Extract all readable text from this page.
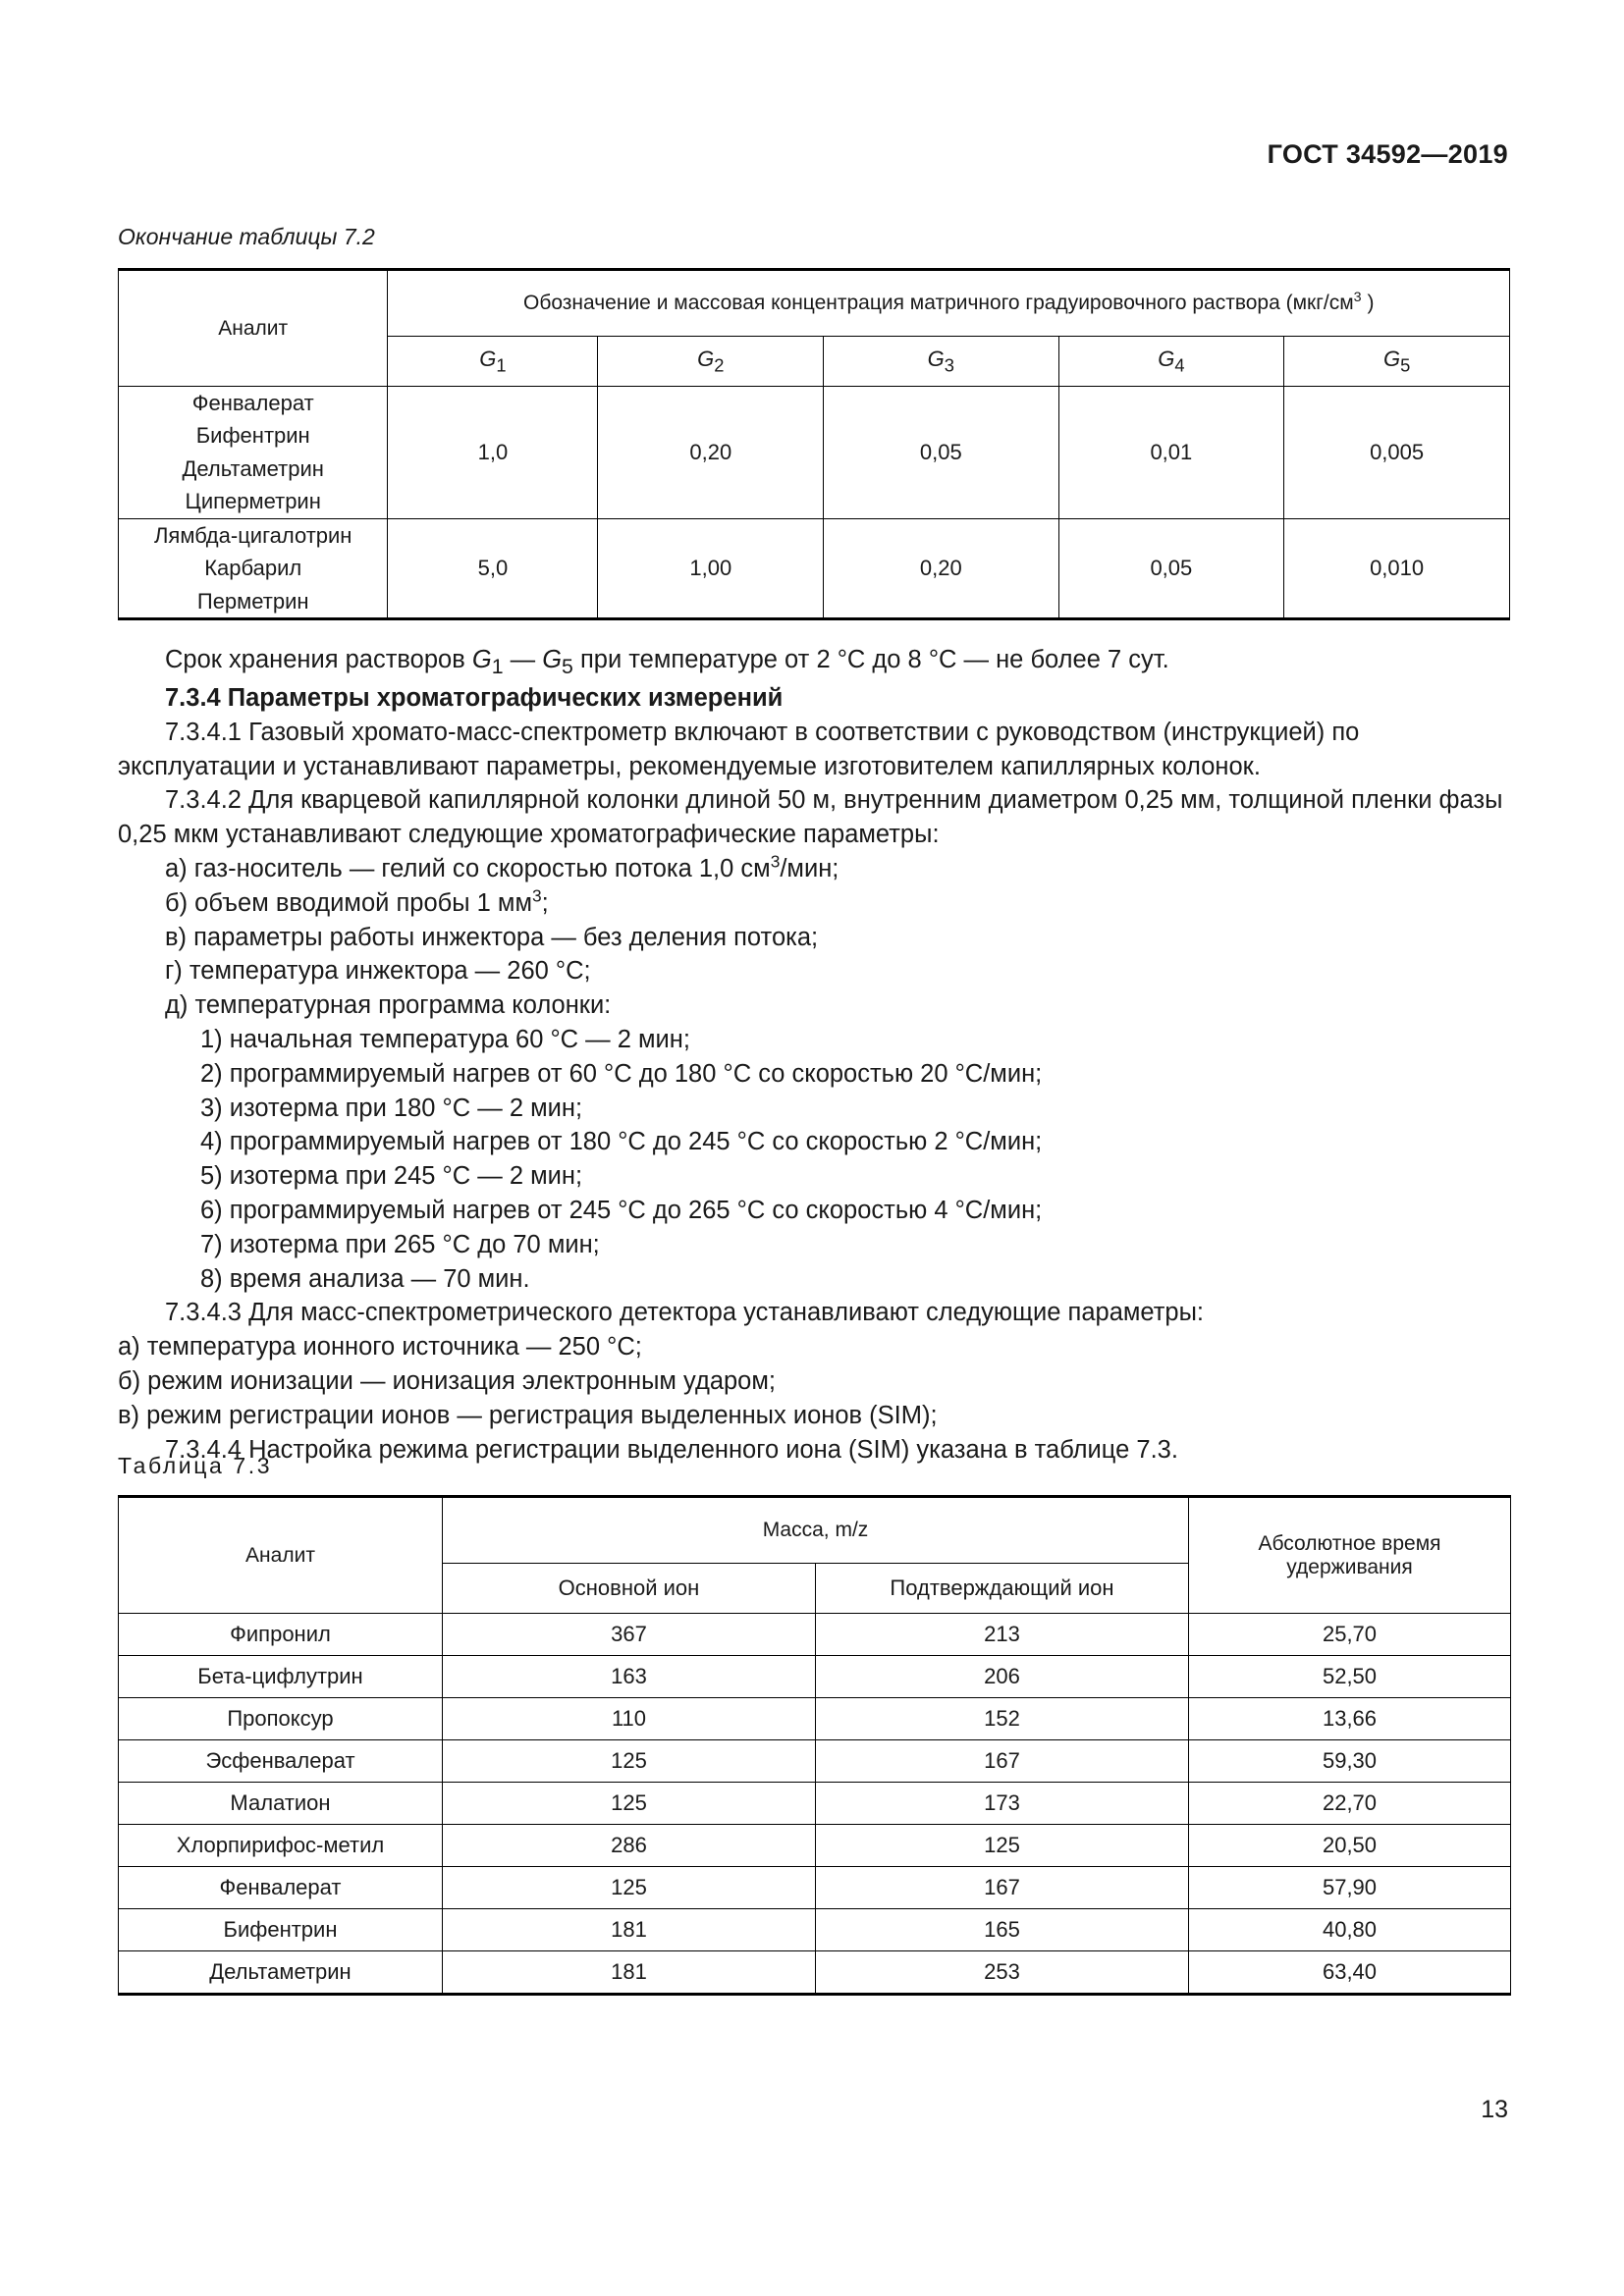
ГОСТ 34592—2019
Окончание таблицы 7.2
Аналит	Обозначение и массовая концентрация матричного градуировочного раствора ($мкг/см^3$ )				
	$G_1$	$G_2$	$G_3$	$G_4$	$G_5$

Фенвалерат
Бифентрин
Дельтаметрин Циперметрин	1,0	0,20	0,05	0,01	0,005

Лямбда-цигалотрин
Карбарил
Перметрин	5,0	1,00	0,20	0,05	0,010

Срок хранения растворов $G_1$ — $G_5$ при температуре от 2 °С до 8 °С — не более 7 сут.

7.3.4 Параметры хроматографических измерений

7.3.4.1 Газовый хромато-масс-спектрометр включают в соответствии с руководством (инструкцией) по эксплуатации и устанавливают параметры, рекомендуемые изготовителем капиллярных колонок.

7.3.4.2 Для кварцевой капиллярной колонки длиной 50 м, внутренним диаметром 0,25 мм, толщиной пленки фазы 0,25 мкм устанавливают следующие хроматографические параметры:

а) газ-носитель — гелий со скоростью потока 1,0 $см^3$/мин;

б) объем вводимой пробы 1 $мм^3$;

в) параметры работы инжектора — без деления потока;

г) температура инжектора — 260 °С;

д) температурная программа колонки:

1) начальная температура 60 °С — 2 мин;

2) программируемый нагрев от 60 °С до 180 °С со скоростью 20 °С/мин;

3) изотерма при 180 °С — 2 мин;

4) программируемый нагрев от 180 °С до 245 °С со скоростью 2 °С/мин;

5) изотерма при 245 °С — 2 мин;

6) программируемый нагрев от 245 °С до 265 °С со скоростью 4 °С/мин;

7) изотерма при 265 °С до 70 мин;

8) время анализа — 70 мин.

7.3.4.3 Для масс-спектрометрического детектора устанавливают следующие параметры:

а) температура ионного источника — 250 °С;

б) режим ионизации — ионизация электронным ударом;

в) режим регистрации ионов — регистрация выделенных ионов (SIM);

7.3.4.4 Настройка режима регистрации выделенного иона (SIM) указана в таблице 7.3.

Таблица 7.3
Аналит	Масса, m/z		Абсолютное время
удерживания

	Основной ион	Подтверждающий ион	
Фипронил	367	213	25,70
Бета-цифлутрин	163	206	52,50
Пропоксур	110	152	13,66
Эсфенвалерат	125	167	59,30
Малатион	125	173	22,70
Хлорпирифос-метил	286	125	20,50
Фенвалерат	125	167	57,90
Бифентрин	181	165	40,80
Дельтаметрин	181	253	63,40
13
